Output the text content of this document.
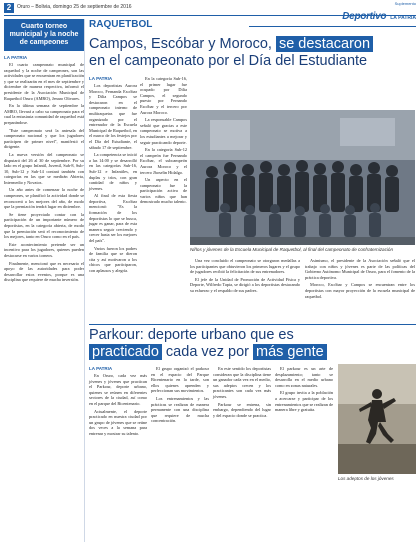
2	Oruro – Bolivia, domingo 25 de septiembre de 2016
Suplemento
Deportivo LA PATRIA
Cuarto torneo municipal y la noche de campeones
LA PATRIA

El cuarto campeonato municipal de raquetbol y la noche de campeones, son las actividades que se encuentran en planificación y que se realizarán en el mes de septiembre y diciembre de manera respectiva, informó el presidente de la Asociación Municipal de Raquetbol Oruro (AMRO), Jenaro Olivares.

En la última semana de septiembre la AMRO, llevará a cabo su campeonato para el cual la entusiasta comunidad de raquetbol está preparándose.

"Este campeonato será la antesala del campeonato nacional y que los jugadores participen de primer nivel", manifestó el dirigente.

La nueva versión del campeonato se disputará del 26 al 30 de septiembre. Por su lado en el grupo Infantil, Juvenil, Sub-8, Sub-10, Sub-12 y Sub-14 contará también con categorías en las que se medirán Abierta, Intermedio y Novatos.

Un año antes de comenzar la noche de campeones, se planificó la actividad donde se reconocerá a los mejores del año, de modo que la premiación tendrá lugar en diciembre.

Se tiene proyectado contar con la participación de un importante número de deportistas, en la categoría abierta, de modo que la premiación será el reconocimiento de los mejores, tanto en Oruro como en el país.

Este acontecimiento pretende ser un incentivo para los jugadores, quienes pueden destacarse en varios torneos.

Finalmente, mencionó que es necesario el apoyo de las autoridades para poder desarrollar estos eventos, porque es una disciplina que requiere de mucha inversión.

RAQUETBOL
Campos, Escóbar y Moroco, se destacaron
en el campeonato por el Día del Estudiante
LA PATRIA

Los deportistas Aurora Moroco, Fernanda Escóbar y Dilia Campos se destacaron en el campeonato interno de multiraquetas que fue organizado por el entrenador de la Escuela Municipal de Raquetbol, en el marco de los festejos por el Día del Estudiante, el sábado 17 de septiembre.

La competencia se inició a las 14:00 y se desarrolló en las categorías Sub-16, Sub-12 e Infantiles, en duplas y tríos, con gran cantidad de niños y jóvenes.

Al final de esta fiesta deportiva, Escóbar mencionó: "Es la formación de los deportistas lo que se busca, jugar es ganar, para de esta manera seguir creciendo y crecer hasta ser los mejores del país".

Varios fueron los padres de familia que se dieron cita y así motivaron a los chicos que participaron, con aplausos y alegría.

En la categoría Sub-16, el primer lugar fue ocupado por Dilia Campos, el segundo puesto por Fernando Escóbar y el tercero por Aurora Moroco.

La responsable Campos señaló que gracias a este campeonato se motiva a los estudiantes a mejorar y seguir practicando deporte.

En la categoría Sub-12 el campeón fue Fernando Escóbar, el subcampeón Aurora Moroco y el tercero Jhoselin Hidalgo.

Un aspecto en el campeonato fue la participación activa de varios niños que han demostrado mucho talento.

Niños y jóvenes de la Escuela Municipal de Raquetbol, al final del campeonato de confraternización

Una vez concluido el campeonato se otorgaron medallas a los participantes que obtuvieron los primeros lugares y el grupo de jugadores recibió la felicitación de sus entrenadores.

El jefe de la Unidad de Promoción de Actividad Física y Deporte, Wilfredo Tapia, se dirigió a los deportistas destacando su esfuerzo y el respaldo de sus padres.

Asimismo, el presidente de la Asociación señaló que el trabajo con niños y jóvenes es parte de las políticas del Gobierno Autónomo Municipal de Oruro, para el fomento de la práctica deportiva.

Moroco, Escóbar y Campos se encuentran entre los deportistas con mayor proyección de la escuela municipal de raquetbol.

Parkour: deporte urbano que es
practicado cada vez por más gente
LA PATRIA

En Oruro, cada vez más jóvenes y jóvenes que practican el Parkour, deporte urbano, quienes se reúnen en diferentes sectores de la ciudad, así como en el parque del Bicentenario.

Actualmente, el deporte practicado en nuestra ciudad por un grupo de jóvenes que se reúne dos veces a la semana para entrenar y mostrar su talento.

El grupo organizó el parkour en el espacio del Parque Bicentenario en la tarde, son ellos quienes aprenden y perfeccionan sus movimientos.

Los entrenamientos y las prácticas se realizan de manera permanente con una disciplina que requiere de mucha concentración.

En este sentido los deportistas consideran que la disciplina tiene un ganador cada vez en el medio, sus adeptos crecen y los practicantes son cada vez más jóvenes.

Parkour se entrena, sin embargo, dependiendo del lugar y del espacio donde se practica.

El parkour es un arte de desplazamiento; tanto se desarrolla en el medio urbano como en zonas naturales.

El grupo invita a la población a acercarse y participar de los entrenamientos que se realizan de manera libre y gratuita.

Los adeptos de los jóvenes
